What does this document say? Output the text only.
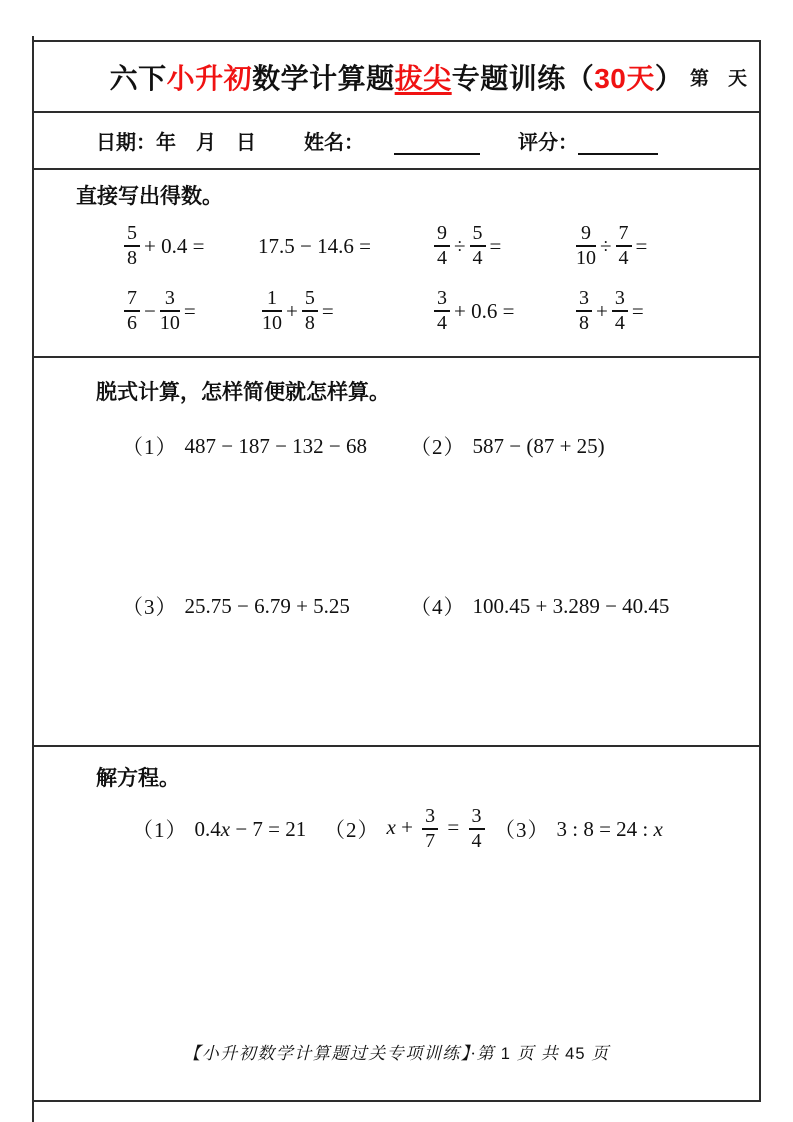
六下小升初数学计算题拔尖专题训练（30天） 第　天
日期：年　月　日 姓名：	评分：
直接写出得数。
$\frac{5}{8} + 0.4$ =	17.5 − 14.6 =	$\frac{9}{4} \div \frac{5}{4}$ =	$\frac{9}{10} \div \frac{7}{4}$ =
$\frac{7}{6} - \frac{3}{10}$ =	$\frac{1}{10} + \frac{5}{8}$ =	$\frac{3}{4} + 0.6$ =	$\frac{3}{8} + \frac{3}{4}$ =
脱式计算，怎样简便就怎样算。
（1） 487 − 187 − 132 − 68 （2） 587 − (87 + 25)
（3） 25.75 − 6.79 + 5.25	（4） 100.45 + 3.289 − 40.45
解方程。
（1） 0.4x − 7 = 21 （2） $x + \frac{3}{7} = \frac{3}{4} (3)$ 3 : 8 = 24 : x
【小升初数学计算题过关专项训练】·第 1 页 共 45 页
